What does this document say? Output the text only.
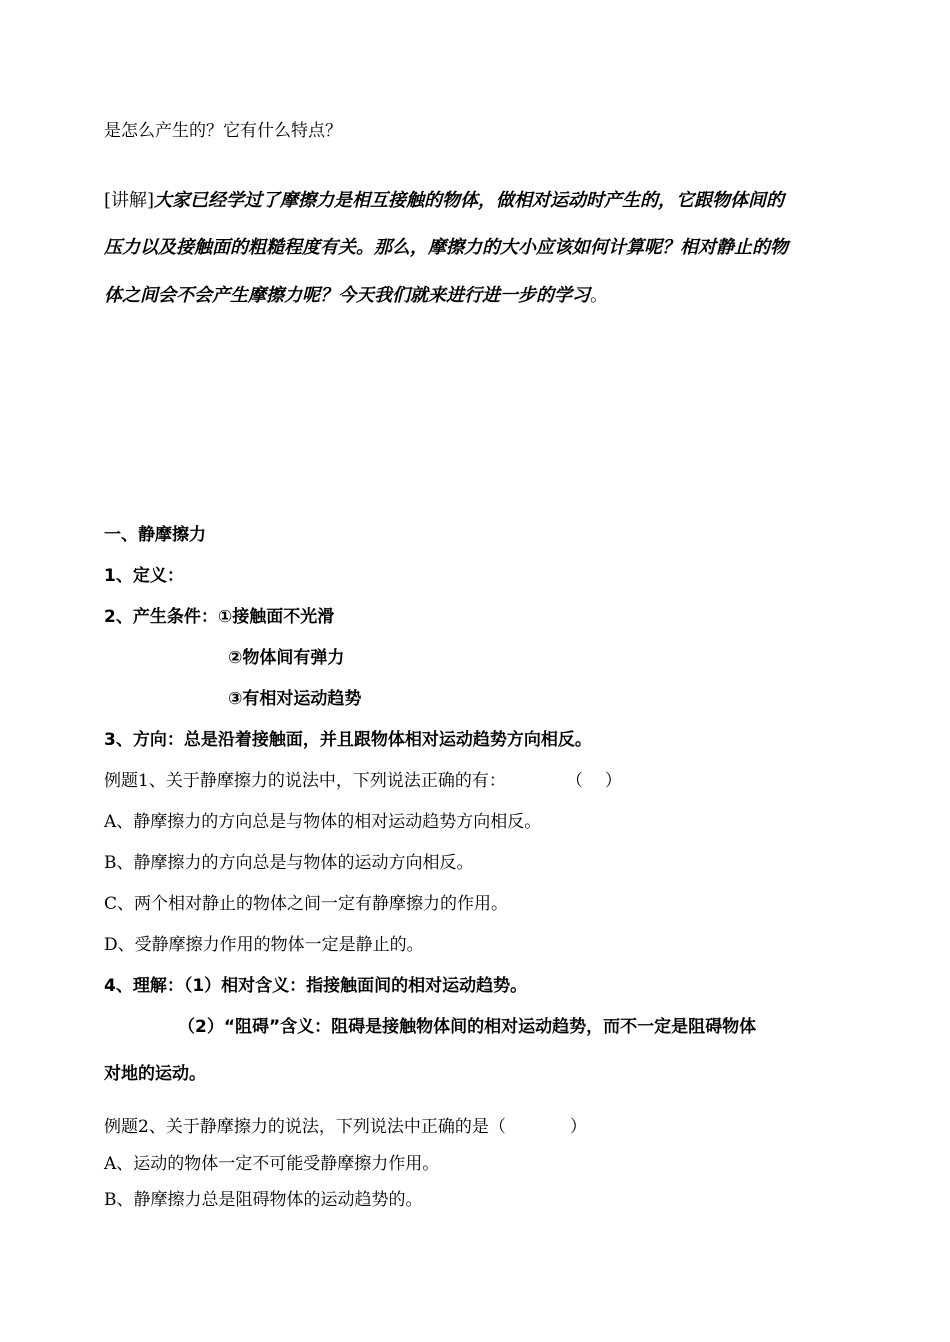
是怎么产生的？它有什么特点？
[讲解]大家已经学过了摩擦力是相互接触的物体，做相对运动时产生的，它跟物体间的
压力以及接触面的粗糙程度有关。那么，摩擦力的大小应该如何计算呢？相对静止的物
体之间会不会产生摩擦力呢？今天我们就来进行进一步的学习。
一、静摩擦力
1、定义：
2、产生条件：①接触面不光滑
②物体间有弹力
③有相对运动趋势
3、方向：总是沿着接触面，并且跟物体相对运动趋势方向相反。
例题1、关于静摩擦力的说法中，下列说法正确的有：	（ ）
A、静摩擦力的方向总是与物体的相对运动趋势方向相反。
B、静摩擦力的方向总是与物体的运动方向相反。
C、两个相对静止的物体之间一定有静摩擦力的作用。
D、受静摩擦力作用的物体一定是静止的。
4、理解：（1）相对含义：指接触面间的相对运动趋势。
（2）“阻碍”含义：阻碍是接触物体间的相对运动趋势，而不一定是阻碍物体
对地的运动。
例题2、关于静摩擦力的说法，下列说法中正确的是（	）
A、运动的物体一定不可能受静摩擦力作用。
B、静摩擦力总是阻碍物体的运动趋势的。
